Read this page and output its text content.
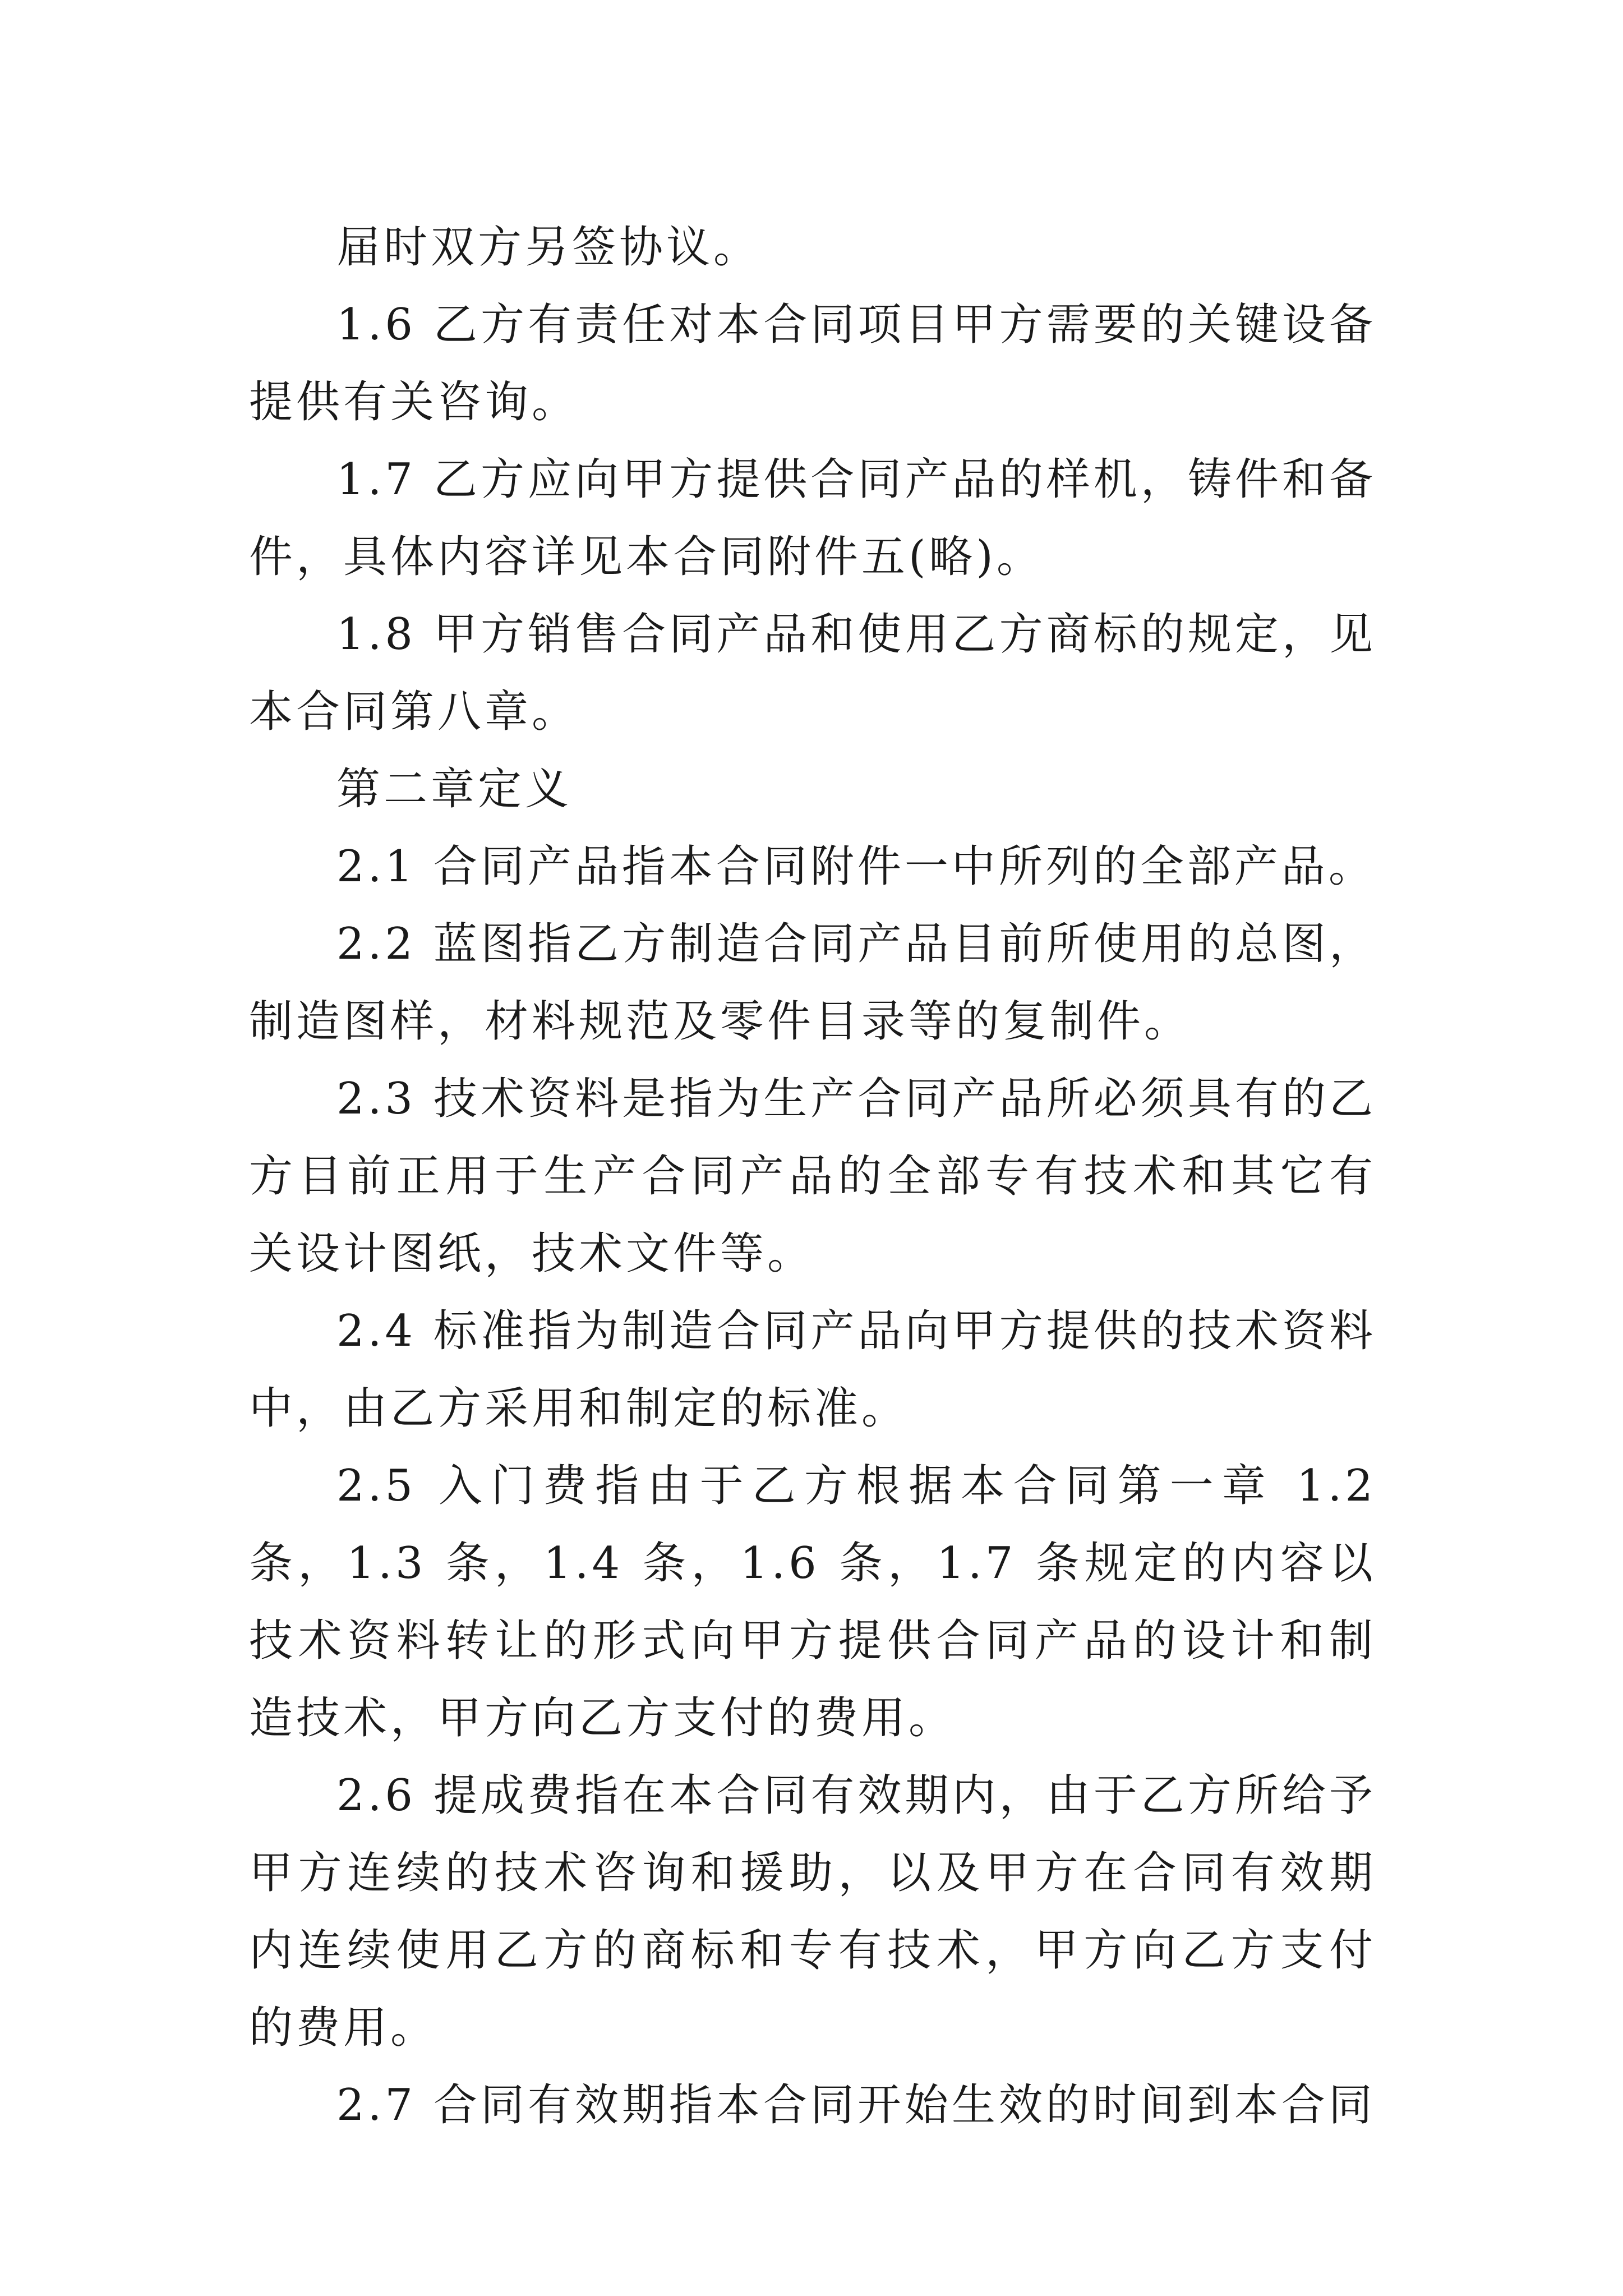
届时双方另签协议。

1.6 乙方有责任对本合同项目甲方需要的关键设备提供有关咨询。

1.7 乙方应向甲方提供合同产品的样机，铸件和备件，具体内容详见本合同附件五(略)。

1.8 甲方销售合同产品和使用乙方商标的规定，见本合同第八章。

第二章定义

2.1 合同产品指本合同附件一中所列的全部产品。

2.2 蓝图指乙方制造合同产品目前所使用的总图，制造图样，材料规范及零件目录等的复制件。

2.3 技术资料是指为生产合同产品所必须具有的乙方目前正用于生产合同产品的全部专有技术和其它有关设计图纸，技术文件等。

2.4 标准指为制造合同产品向甲方提供的技术资料中，由乙方采用和制定的标准。

2.5 入门费指由于乙方根据本合同第一章 1.2 条，1.3 条，1.4 条，1.6 条，1.7 条规定的内容以技术资料转让的形式向甲方提供合同产品的设计和制造技术，甲方向乙方支付的费用。

2.6 提成费指在本合同有效期内，由于乙方所给予甲方连续的技术咨询和援助，以及甲方在合同有效期内连续使用乙方的商标和专有技术，甲方向乙方支付的费用。

2.7 合同有效期指本合同开始生效的时间到本合同
